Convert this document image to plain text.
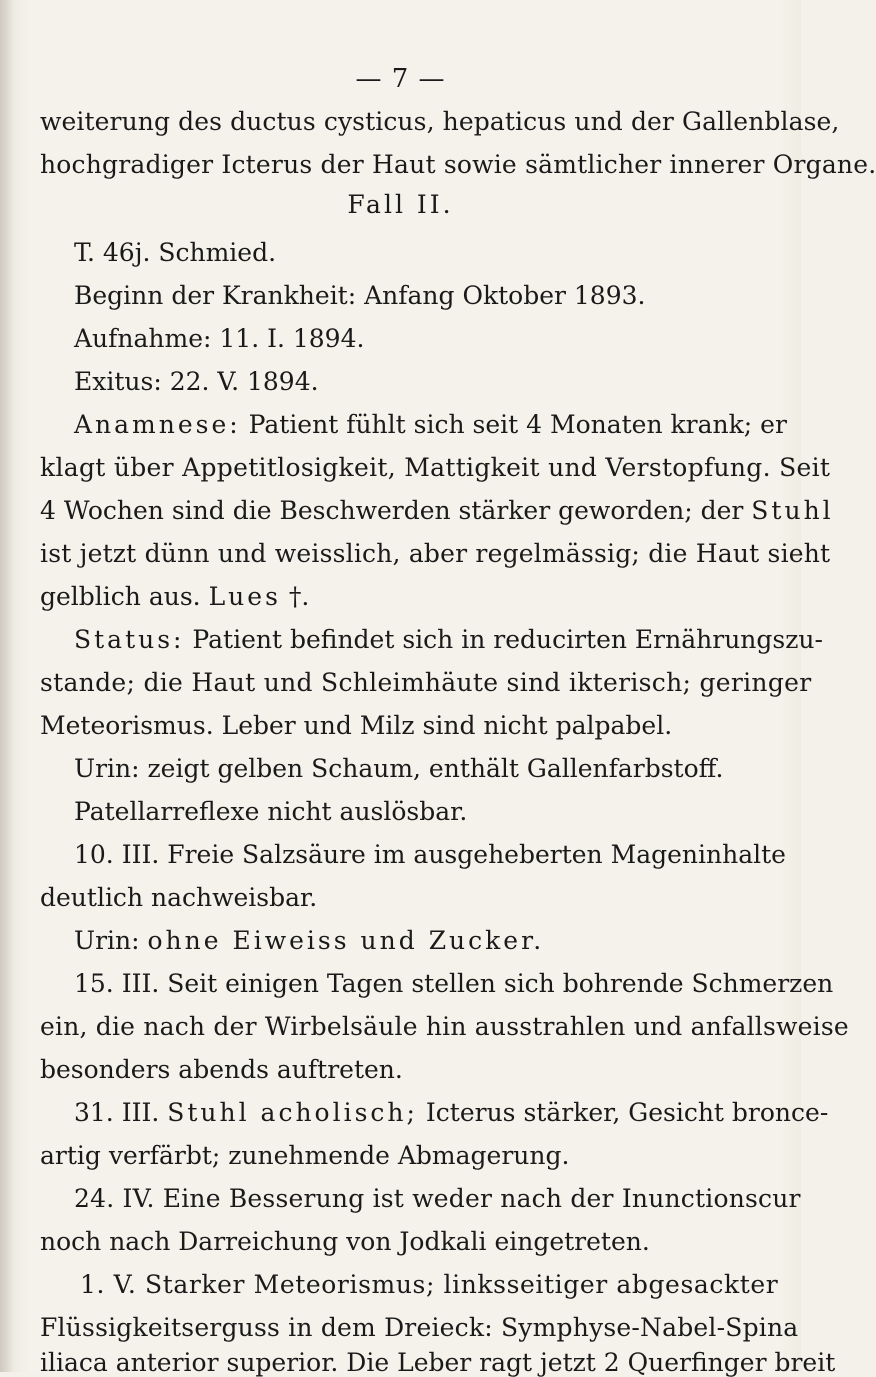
— 7 —
weiterung des ductus cysticus, hepaticus und der Gallenblase,
hochgradiger Icterus der Haut sowie sämtlicher innerer Organe.
Fall II.
T. 46j. Schmied.
Beginn der Krankheit: Anfang Oktober 1893.
Aufnahme: 11. I. 1894.
Exitus: 22. V. 1894.
Anamnese: Patient fühlt sich seit 4 Monaten krank; er
klagt über Appetitlosigkeit, Mattigkeit und Verstopfung. Seit
4 Wochen sind die Beschwerden stärker geworden; der Stuhl
ist jetzt dünn und weisslich, aber regelmässig; die Haut sieht
gelblich aus. Lues †.
Status: Patient befindet sich in reducirten Ernährungszu-
stande; die Haut und Schleimhäute sind ikterisch; geringer
Meteorismus. Leber und Milz sind nicht palpabel.
Urin: zeigt gelben Schaum, enthält Gallenfarbstoff.
Patellarreflexe nicht auslösbar.
10. III. Freie Salzsäure im ausgeheberten Mageninhalte
deutlich nachweisbar.
Urin: ohne Eiweiss und Zucker.
15. III. Seit einigen Tagen stellen sich bohrende Schmerzen
ein, die nach der Wirbelsäule hin ausstrahlen und anfallsweise
besonders abends auftreten.
31. III. Stuhl acholisch; Icterus stärker, Gesicht bronce-
artig verfärbt; zunehmende Abmagerung.
24. IV. Eine Besserung ist weder nach der Inunctionscur
noch nach Darreichung von Jodkali eingetreten.
1. V. Starker Meteorismus; linksseitiger abgesackter
Flüssigkeitserguss in dem Dreieck: Symphyse-Nabel-Spina
iliaca anterior superior. Die Leber ragt jetzt 2 Querfinger breit
